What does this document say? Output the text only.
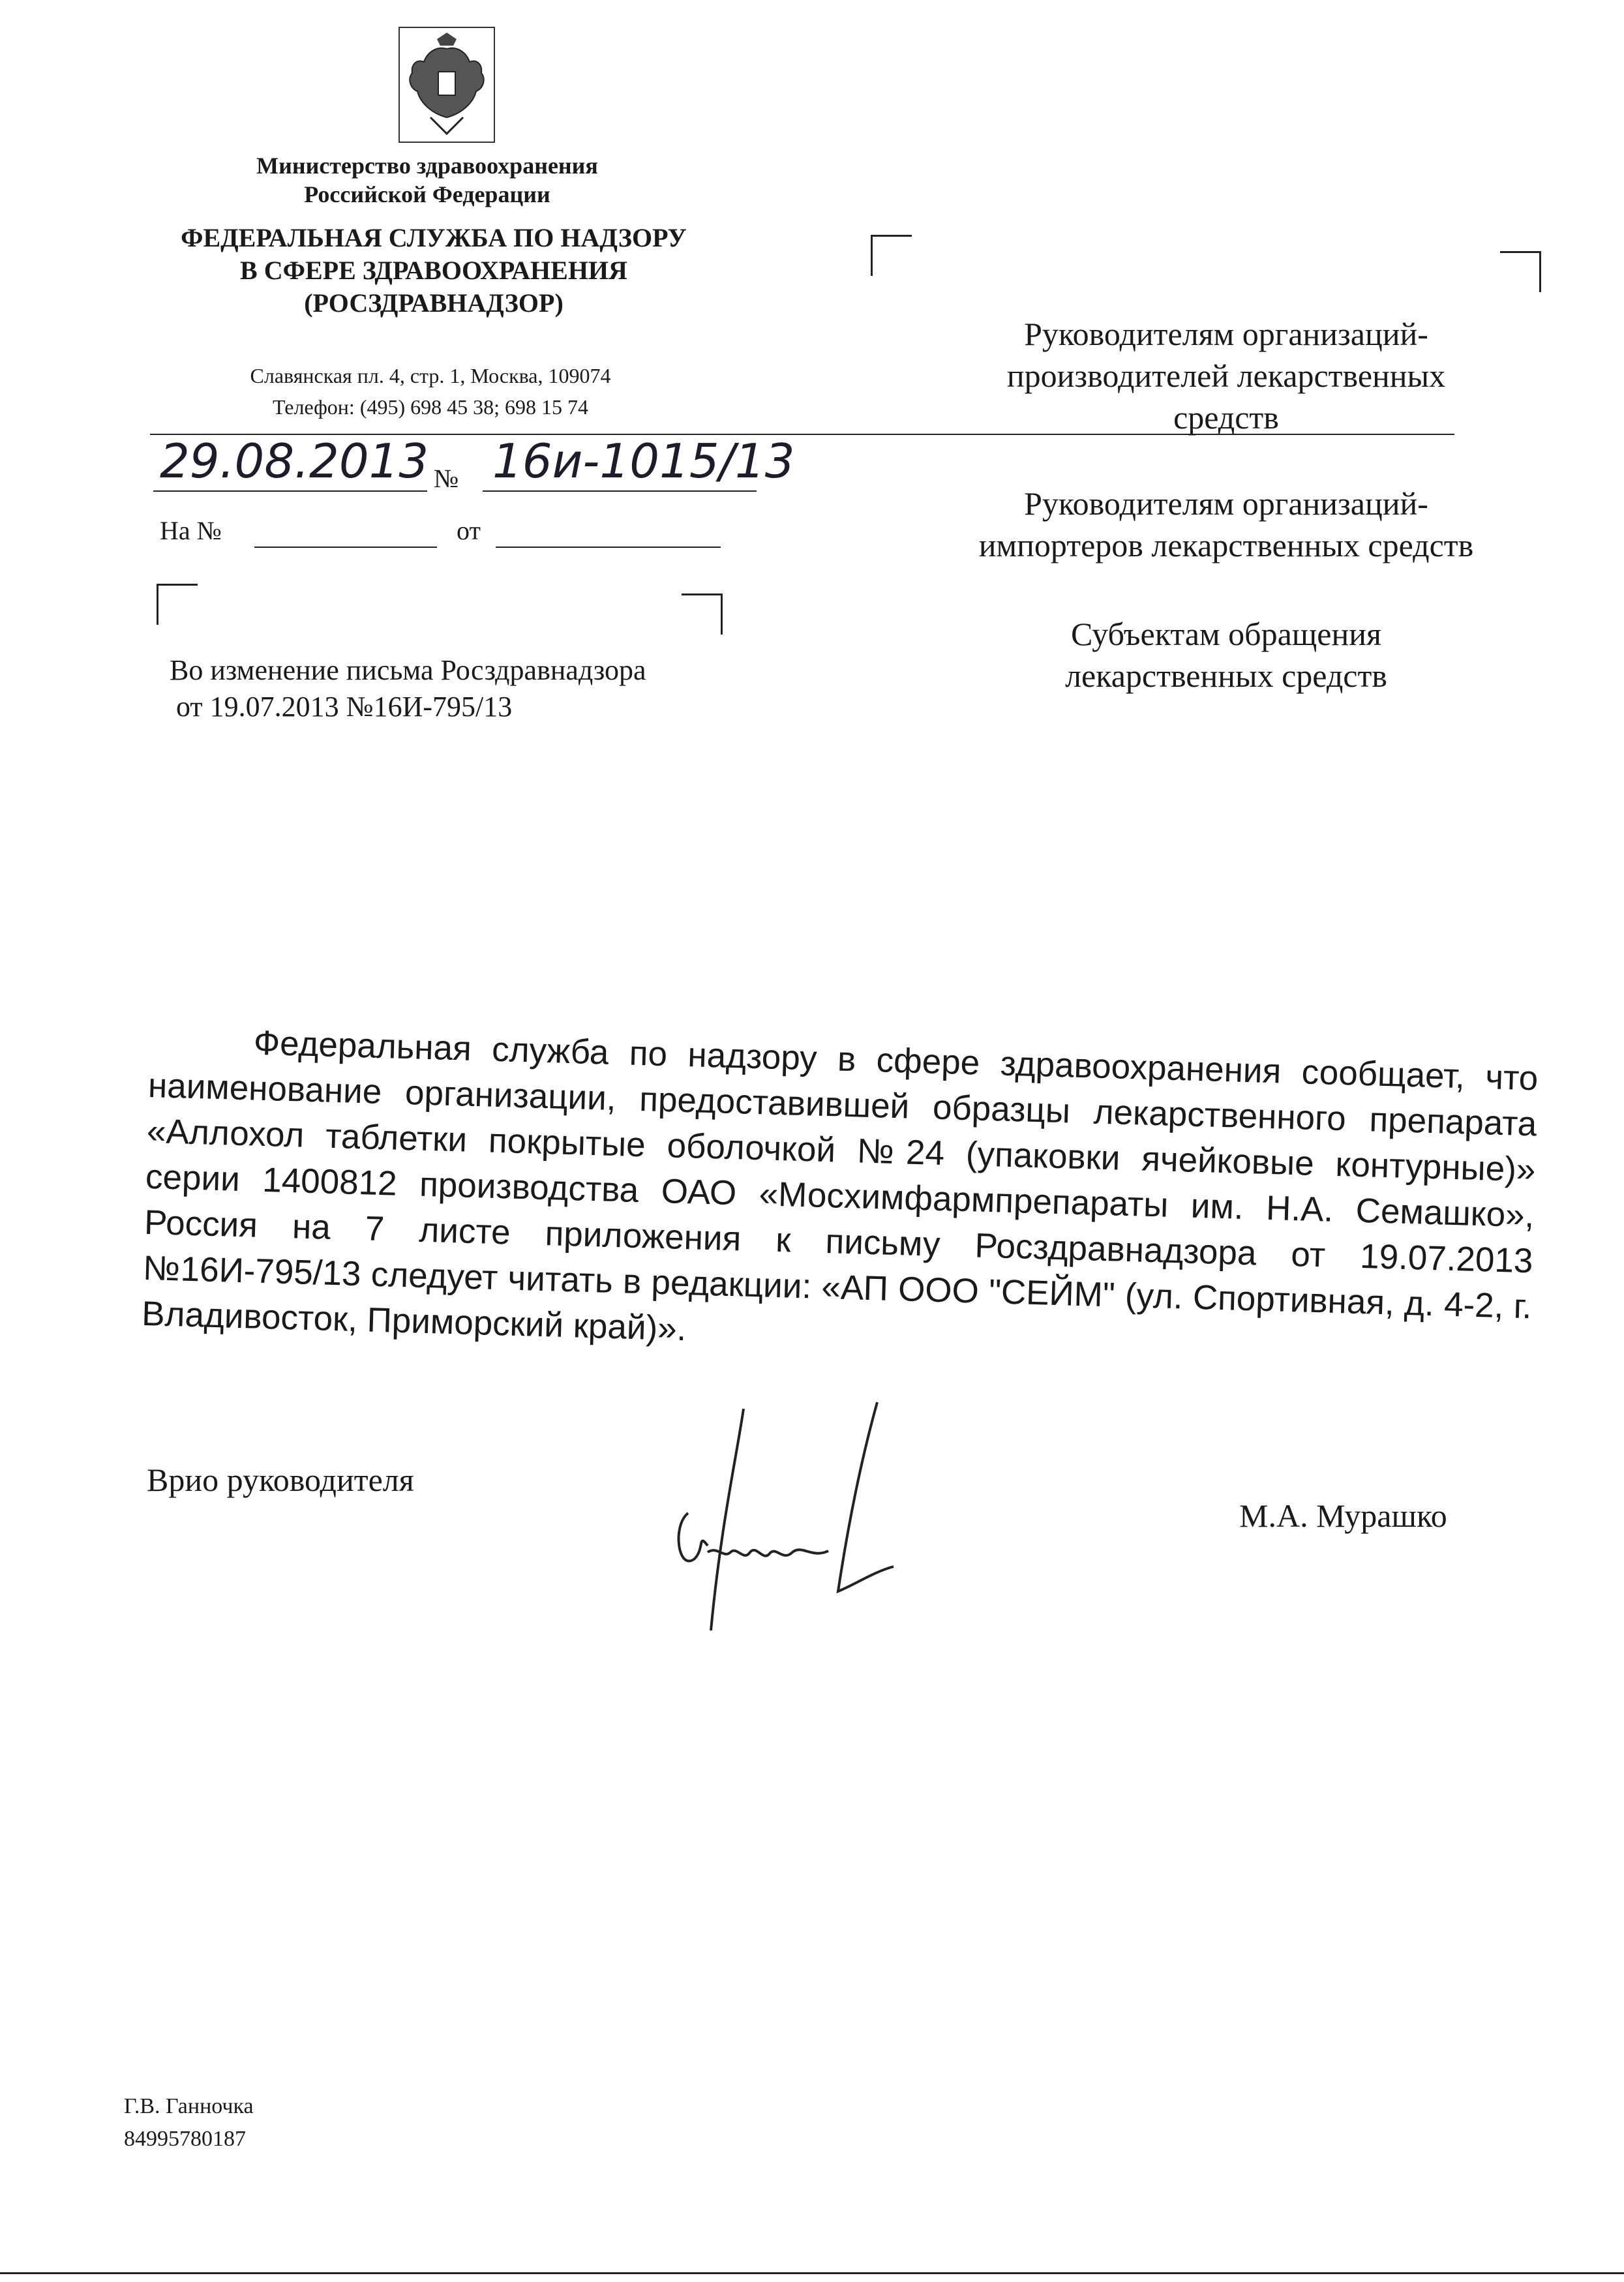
Министерство здравоохранения
Российской Федерации
ФЕДЕРАЛЬНАЯ СЛУЖБА ПО НАДЗОРУ
В СФЕРЕ ЗДРАВООХРАНЕНИЯ
(РОСЗДРАВНАДЗОР)
Славянская пл. 4, стр. 1, Москва, 109074
Телефон: (495) 698 45 38; 698 15 74
Руководителям организаций-
производителей лекарственных
средств
Руководителям организаций-
импортеров лекарственных средств
Субъектам обращения
лекарственных средств
29.08.2013 № 16и-1015/13
На №	от
Во изменение письма Росздравнадзора
от 19.07.2013 №16И-795/13
Федеральная служба по надзору в сфере здравоохранения сообщает, что наименование организации, предоставившей образцы лекарственного препарата «Аллохол таблетки покрытые оболочкой №24 (упаковки ячейковые контурные)» серии 1400812 производства ОАО «Мосхимфармпрепараты им. Н.А. Семашко», Россия на 7 листе приложения к письму Росздравнадзора от 19.07.2013 №16И-795/13 следует читать в редакции: «АП ООО "СЕЙМ" (ул. Спортивная, д. 4-2, г. Владивосток, Приморский край)».
Врио руководителя
М.А. Мурашко
Г.В. Ганночка
84995780187
